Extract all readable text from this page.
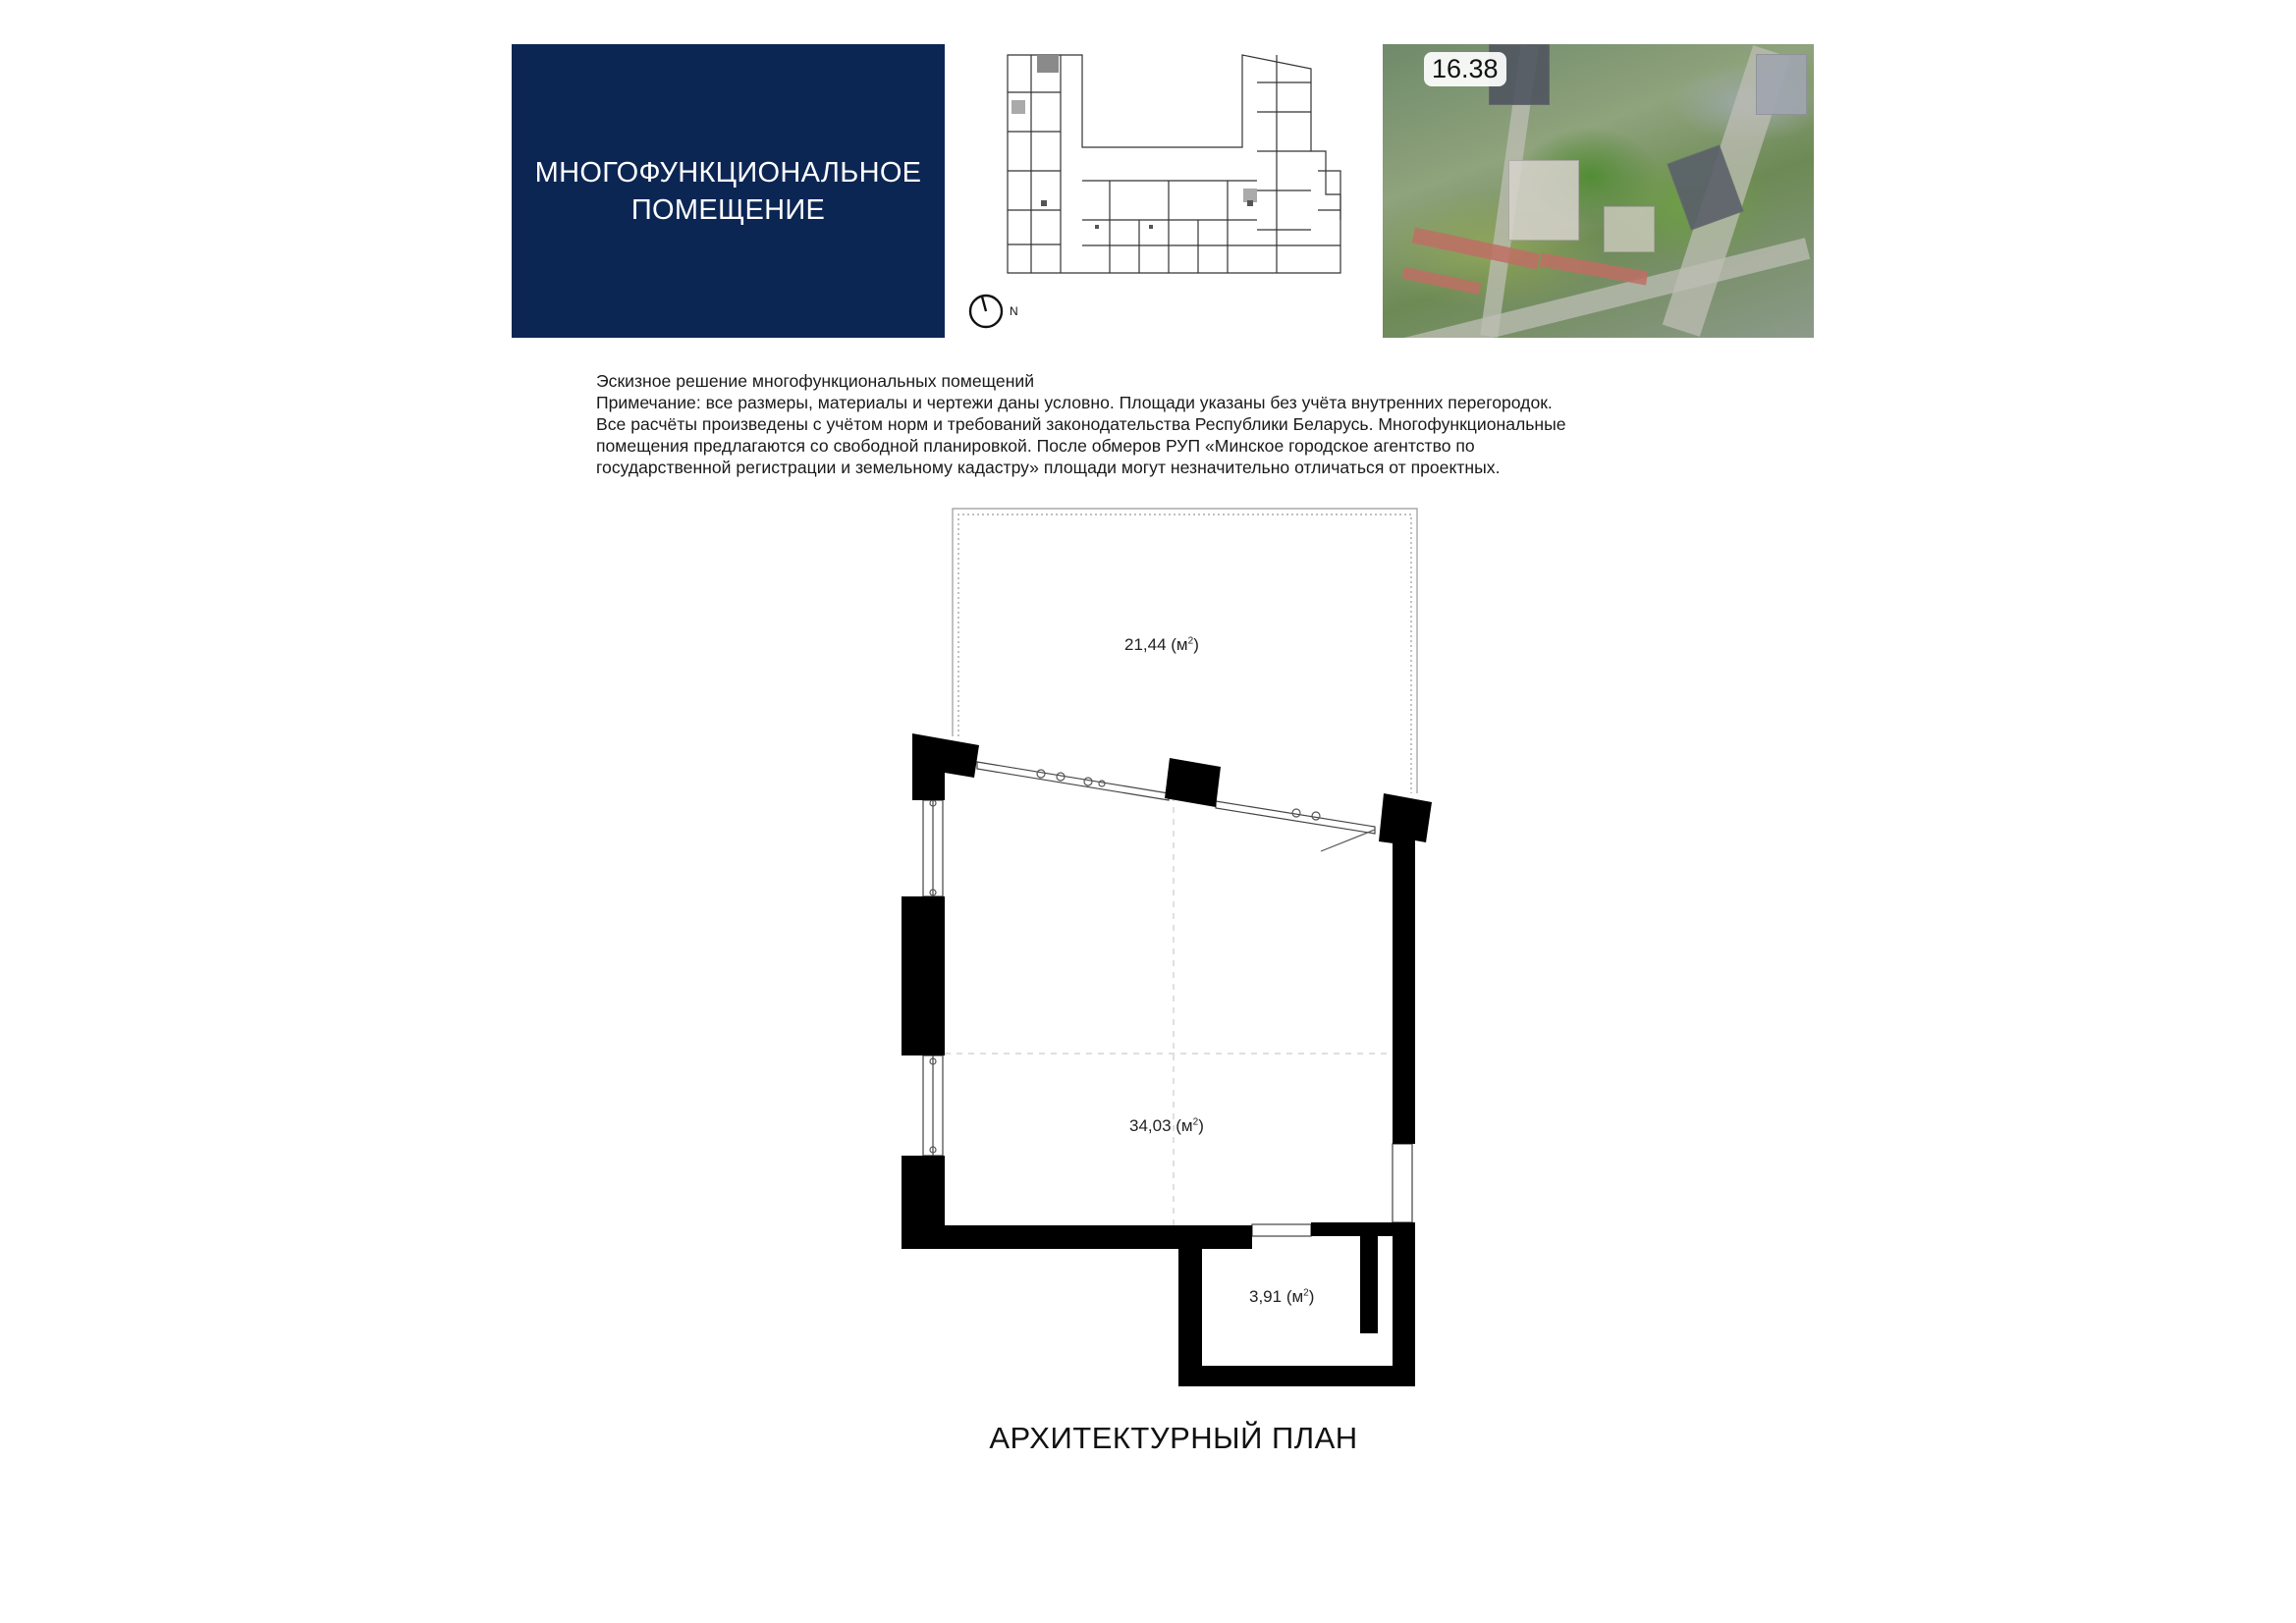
МНОГОФУНКЦИОНАЛЬНОЕ
ПОМЕЩЕНИЕ
N
16.38
Эскизное решение многофункциональных помещений
Примечание: все размеры, материалы и чертежи даны условно. Площади указаны без учёта внутренних перегородок.
Все расчёты произведены с учётом норм и требований законодательства Республики Беларусь. Многофункциональные
помещения предлагаются со свободной планировкой. После обмеров РУП «Минское городское агентство по
государственной регистрации и земельному кадастру» площади могут незначительно отличаться от проектных.
21,44 $(м^2)$
34,03 $(м^2)$
3,91 $(м^2)$
АРХИТЕКТУРНЫЙ ПЛАН
